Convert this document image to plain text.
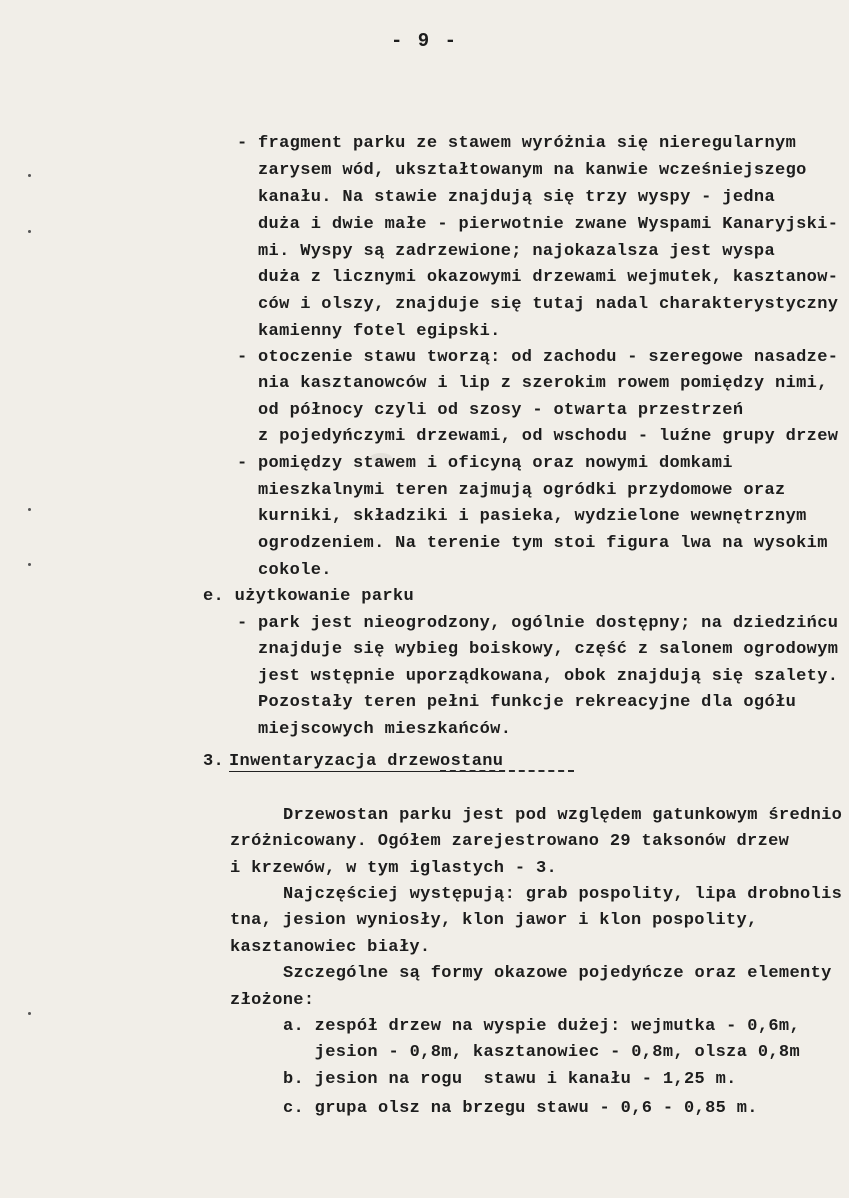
- 9 -
- fragment parku ze stawem wyróżnia się nieregularnym
zarysem wód, ukształtowanym na kanwie wcześniejszego
kanału. Na stawie znajdują się trzy wyspy - jedna
duża i dwie małe - pierwotnie zwane Wyspami Kanaryjski-
mi. Wyspy są zadrzewione; najokazalsza jest wyspa
duża z licznymi okazowymi drzewami wejmutek, kasztanow-
ców i olszy, znajduje się tutaj nadal charakterystyczny
kamienny fotel egipski.
- otoczenie stawu tworzą: od zachodu - szeregowe nasadze-
nia kasztanowców i lip z szerokim rowem pomiędzy nimi,
od północy czyli od szosy - otwarta przestrzeń
z pojedyńczymi drzewami, od wschodu - luźne grupy drzew
- pomiędzy stawem i oficyną oraz nowymi domkami
mieszkalnymi teren zajmują ogródki przydomowe oraz
kurniki, składziki i pasieka, wydzielone wewnętrznym
ogrodzeniem. Na terenie tym stoi figura lwa na wysokim
cokole.
e. użytkowanie parku
- park jest nieogrodzony, ogólnie dostępny; na dziedzińcu
znajduje się wybieg boiskowy, część z salonem ogrodowym
jest wstępnie uporządkowana, obok znajdują się szalety.
Pozostały teren pełni funkcje rekreacyjne dla ogółu
miejscowych mieszkańców.
3. Inwentaryzacja drzewostanu
Drzewostan parku jest pod względem gatunkowym średnio
zróżnicowany. Ogółem zarejestrowano 29 taksonów drzew
i krzewów, w tym iglastych - 3.
Najczęściej występują: grab pospolity, lipa drobnolis
tna, jesion wyniosły, klon jawor i klon pospolity,
kasztanowiec biały.
Szczególne są formy okazowe pojedyńcze oraz elementy
złożone:
a. zespół drzew na wyspie dużej: wejmutka - 0,6m,
jesion - 0,8m, kasztanowiec - 0,8m, olsza 0,8m
b. jesion na rogu  stawu i kanału - 1,25 m.
c. grupa olsz na brzegu stawu - 0,6 - 0,85 m.
